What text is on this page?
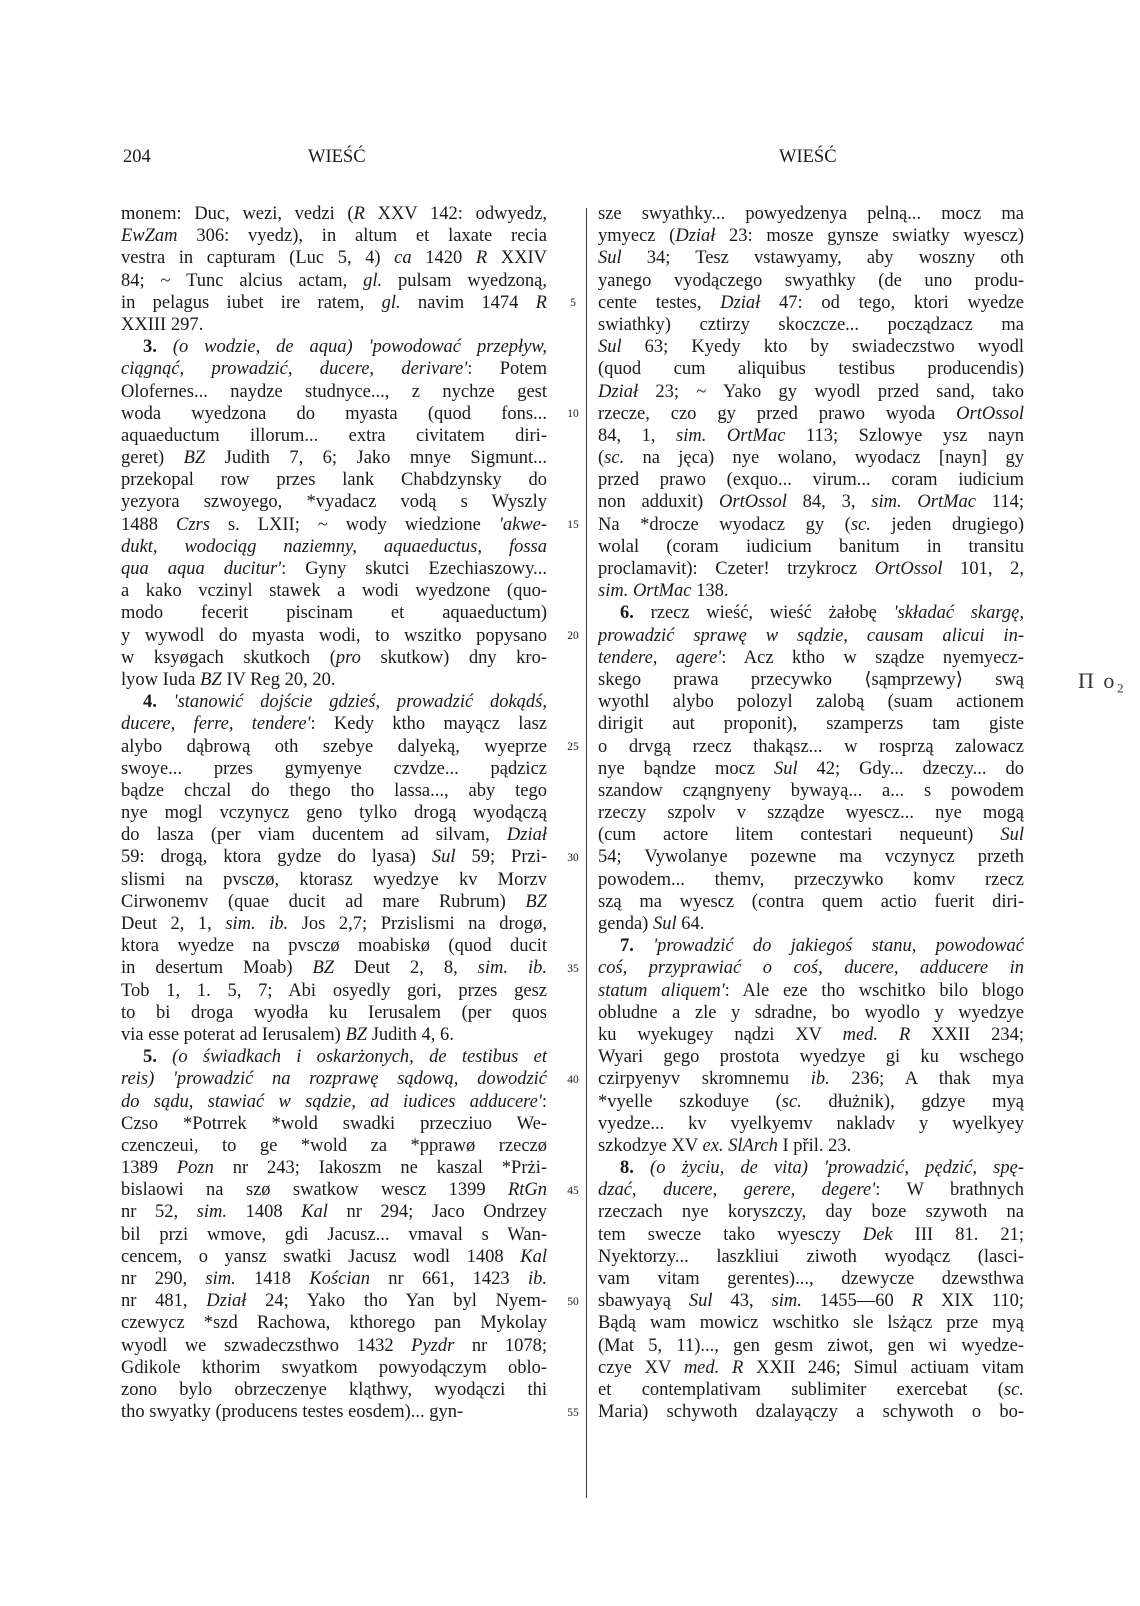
204	WIEŚĆ	WIEŚĆ
monem: Duc, wezi, vedzi (R XXV 142: odwyedz,
EwZam 306: vyedz), in altum et laxate recia
vestra in capturam (Luc 5, 4) ca 1420 R XXIV
84; ~ Tunc alcius actam, gl. pulsam wyedzoną,
in pelagus iubet ire ratem, gl. navim 1474 R
XXIII 297.
3. (o wodzie, de aqua) 'powodować przepływ,
ciągnąć, prowadzić, ducere, derivare': Potem
Olofernes... naydze studnyce..., z nychze gest
woda wyedzona do myasta (quod fons...
aquaeductum illorum... extra civitatem diri-
geret) BZ Judith 7, 6; Jako mnye Sigmunt...
przekopal row przes lank Chabdzynsky do
yezyora szwoyego, *vyadacz vodą s Wyszly
1488 Czrs s. LXII; ~ wody wiedzione 'akwe-
dukt, wodociąg naziemny, aquaeductus, fossa
qua aqua ducitur': Gyny skutci Ezechiaszowy...
a kako vczinyl stawek a wodi wyedzone (quo-
modo fecerit piscinam et aquaeductum)
y wywodl do myasta wodi, to wszitko popysano
w ksyøgach skutkoch (pro skutkow) dny kro-
lyow Iuda BZ IV Reg 20, 20.
4. 'stanowić dojście gdzieś, prowadzić dokądś,
ducere, ferre, tendere': Kedy ktho mayącz lasz
alybo dąbrową oth szebye dalyeką, wyeprze
swoye... przes gymyenye czvdze... pądzicz
bądze chczal do thego tho lassa..., aby tego
nye mogl vczynycz geno tylko drogą wyodączą
do lasza (per viam ducentem ad silvam, Dział
59: drogą, ktora gydze do lyasa) Sul 59; Przi-
slismi na pvsczø, ktorasz wyedzye kv Morzv
Cirwonemv (quae ducit ad mare Rubrum) BZ
Deut 2, 1, sim. ib. Jos 2,7; Przislismi na drogø,
ktora wyedze na pvsczø moabiskø (quod ducit
in desertum Moab) BZ Deut 2, 8, sim. ib.
Tob 1, 1. 5, 7; Abi osyedly gori, przes gesz
to bi droga wyodła ku Ierusalem (per quos
via esse poterat ad Ierusalem) BZ Judith 4, 6.
5. (o świadkach i oskarżonych, de testibus et
reis) 'prowadzić na rozprawę sądową, dowodzić
do sądu, stawiać w sądzie, ad iudices adducere':
Czso *Potrrek *wold swadki przecziuo We-
czenczeui, to ge *wold za *pprawø rzeczø
1389 Pozn nr 243; Iakoszm ne kaszal *Prżi-
bislaowi na szø swatkow wescz 1399 RtGn
nr 52, sim. 1408 Kal nr 294; Jaco Ondrzey
bil przi wmove, gdi Jacusz... vmaval s Wan-
cencem, o yansz swatki Jacusz wodl 1408 Kal
nr 290, sim. 1418 Kościan nr 661, 1423 ib.
nr 481, Dział 24; Yako tho Yan byl Nyem-
czewycz *szd Rachowa, kthorego pan Mykolay
wyodl we szwadeczsthwo 1432 Pyzdr nr 1078;
Gdikole kthorim swyatkom powyodączym oblo-
zono bylo obrzeczenye kląthwy, wyodączi thi
tho swyatky (producens testes eosdem)... gyn-
5
10
15
20
25
30
35
40
45
50
55
sze swyathky... powyedzenya pelną... mocz ma
ymyecz (Dział 23: mosze gynsze swiatky wyescz)
Sul 34; Tesz vstawyamy, aby woszny oth
yanego vyodączego swyathky (de uno produ-
cente testes, Dział 47: od tego, ktori wyedze
swiathky) cztirzy skoczcze... począdzacz ma
Sul 63; Kyedy kto by swiadeczstwo wyodl
(quod cum aliquibus testibus producendis)
Dział 23; ~ Yako gy wyodl przed sand, tako
rzecze, czo gy przed prawo wyoda OrtOssol
84, 1, sim. OrtMac 113; Szlowye ysz nayn
(sc. na jęca) nye wolano, wyodacz [nayn] gy
przed prawo (exquo... virum... coram iudicium
non adduxit) OrtOssol 84, 3, sim. OrtMac 114;
Na *drocze wyodacz gy (sc. jeden drugiego)
wolal (coram iudicium banitum in transitu
proclamavit): Czeter! trzykrocz OrtOssol 101, 2,
sim. OrtMac 138.
6. rzecz wieść, wieść żałobę 'składać skargę,
prowadzić sprawę w sądzie, causam alicui in-
tendere, agere': Acz ktho w sządze nyemyecz-
skego prawa przecywko ⟨sąmprzewy⟩ swą
wyothl alybo polozyl zalobą (suam actionem
dirigit aut proponit), szamperzs tam giste
o drvgą rzecz thakąsz... w rosprzą zalowacz
nye bąndze mocz Sul 42; Gdy... dzeczy... do
szandow cząngnyeny bywayą... a... s powodem
rzeczy szpolv v szządze wyescz... nye mogą
(cum actore litem contestari nequeunt) Sul
54; Vywolanye pozewne ma vczynycz przeth
powodem... themv, przeczywko komv rzecz
szą ma wyescz (contra quem actio fuerit diri-
genda) Sul 64.
7. 'prowadzić do jakiegoś stanu, powodować
coś, przyprawiać o coś, ducere, adducere in
statum aliquem': Ale eze tho wschitko bilo blogo
obludne a zle y sdradne, bo wyodlo y wyedzye
ku wyekugey nądzi XV med. R XXII 234;
Wyari gego prostota wyedzye gi ku wschego
czirpyenyv skromnemu ib. 236; A thak mya
*vyelle szkoduye (sc. dłużnik), gdzye myą
vyedze... kv vyelkyemv nakladv y wyelkyey
szkodzye XV ex. SlArch I přil. 23.
8. (o życiu, de vita) 'prowadzić, pędzić, spę-
dzać, ducere, gerere, degere': W brathnych
rzeczach nye koryszczy, day boze szywoth na
tem swecze tako wyesczy Dek III 81. 21;
Nyektorzy... laszkliui ziwoth wyodącz (lasci-
vam vitam gerentes)..., dzewycze dzewsthwa
sbawyayą Sul 43, sim. 1455—60 R XIX 110;
Bądą wam mowicz wschitko sle lsżącz prze myą
(Mat 5, 11)..., gen gesm ziwot, gen wi wyedze-
czye XV med. R XXII 246; Simul actiuam vitam
et contemplativam sublimiter exercebat (sc.
Maria) schywoth dzalayączy a schywoth o bo-
Π ο₂
